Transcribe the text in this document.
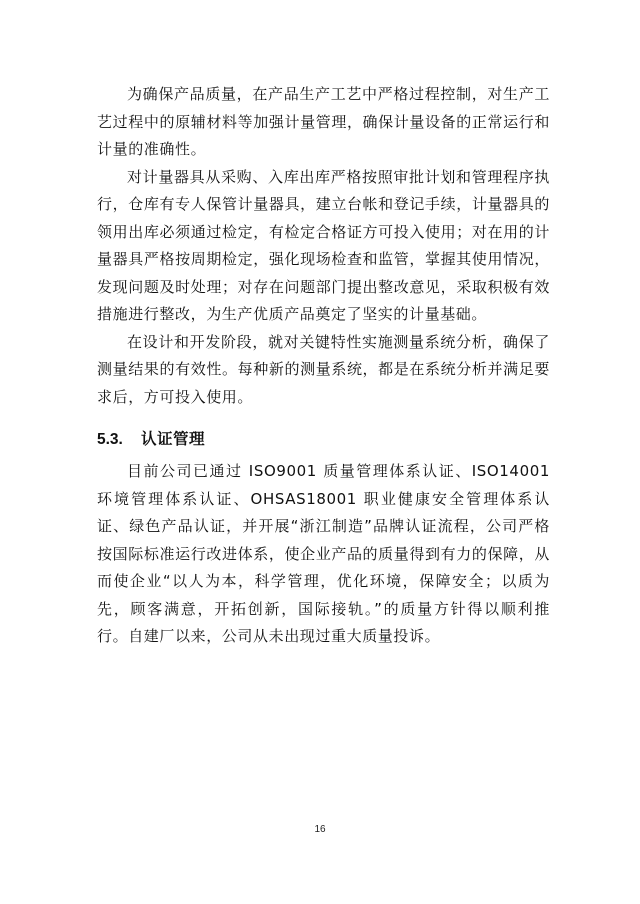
为确保产品质量，在产品生产工艺中严格过程控制，对生产工艺过程中的原辅材料等加强计量管理，确保计量设备的正常运行和计量的准确性。

对计量器具从采购、入库出库严格按照审批计划和管理程序执行，仓库有专人保管计量器具，建立台帐和登记手续，计量器具的领用出库必须通过检定，有检定合格证方可投入使用；对在用的计量器具严格按周期检定，强化现场检查和监管，掌握其使用情况，发现问题及时处理；对存在问题部门提出整改意见，采取积极有效措施进行整改，为生产优质产品奠定了坚实的计量基础。

在设计和开发阶段，就对关键特性实施测量系统分析，确保了测量结果的有效性。每种新的测量系统，都是在系统分析并满足要求后，方可投入使用。

5.3.	认证管理

目前公司已通过 ISO9001 质量管理体系认证、ISO14001 环境管理体系认证、OHSAS18001 职业健康安全管理体系认证、绿色产品认证，并开展“浙江制造”品牌认证流程，公司严格按国际标准运行改进体系，使企业产品的质量得到有力的保障，从而使企业“以人为本，科学管理，优化环境，保障安全；以质为先，顾客满意，开拓创新，国际接轨。”的质量方针得以顺利推行。自建厂以来，公司从未出现过重大质量投诉。

16
